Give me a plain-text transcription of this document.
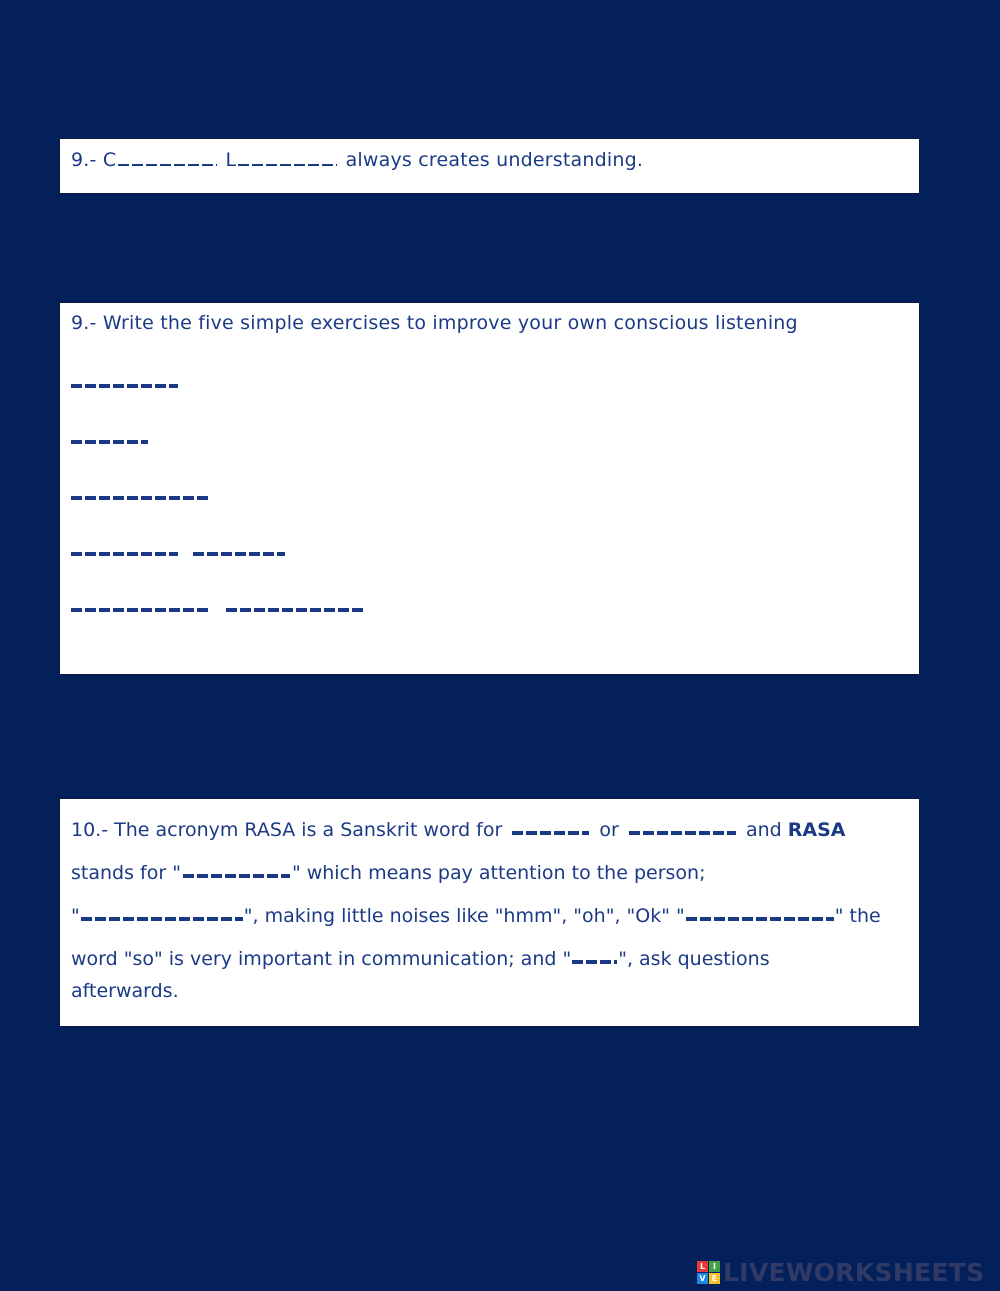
9.- C	L	always creates understanding.
9.- Write the five simple exercises to improve your own conscious listening

10.- The acronym RASA is a Sanskrit word for	or	and RASA
stands for "	" which means pay attention to the person;
"	", making little noises like "hmm", "oh", "Ok" "	" the
word "so" is very important in communication; and " ", ask questions
afterwards.
L I
V E LIVEWORKSHEETS
